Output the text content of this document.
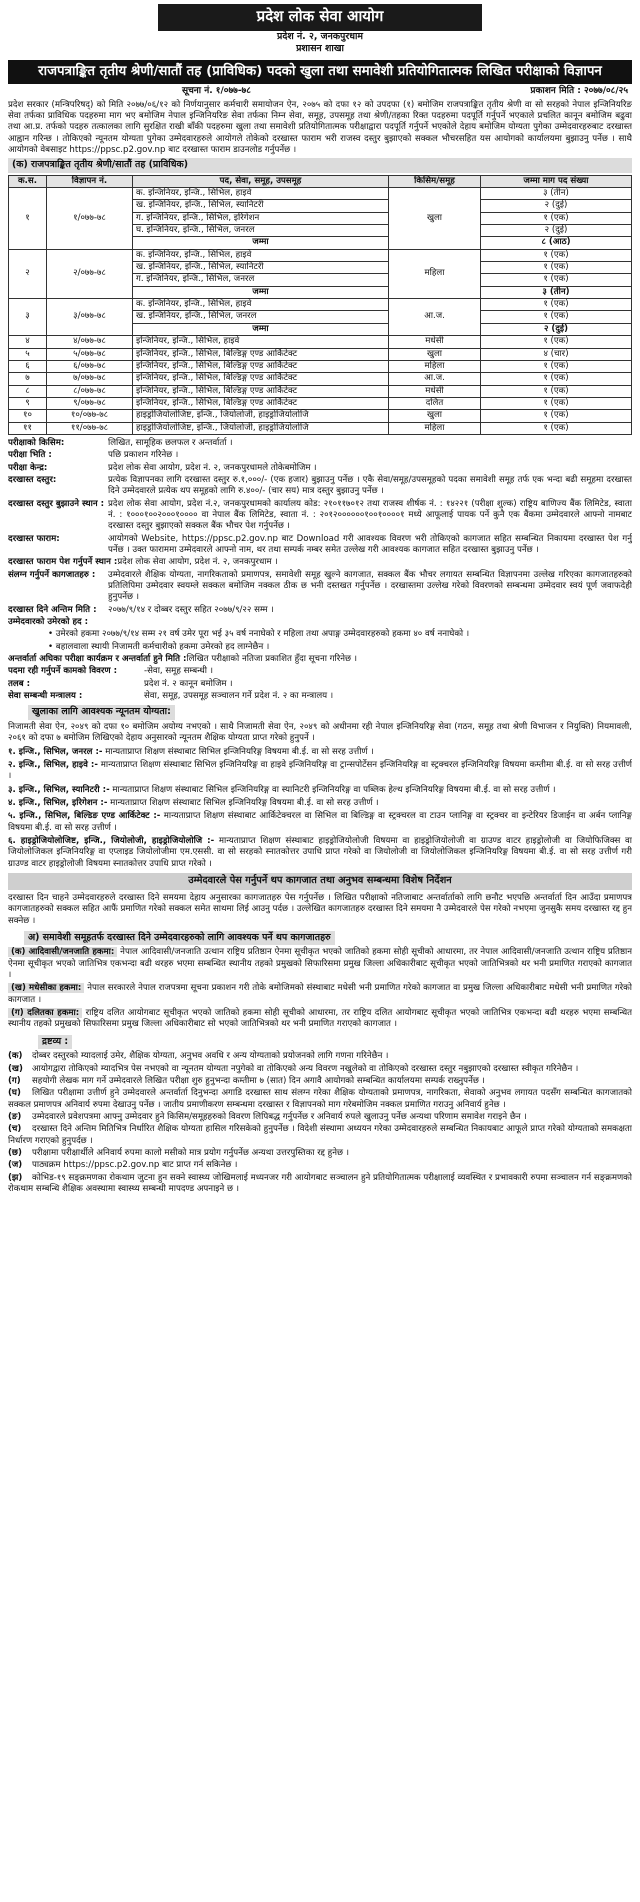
प्रदेश लोक सेवा आयोग
प्रदेश नं. २, जनकपुरधाम
प्रशासन शाखा
राजपत्राङ्कित तृतीय श्रेणी/सातौं तह (प्राविधिक) पदको खुला तथा समावेशी प्रतियोगितात्मक लिखित परीक्षाको विज्ञापन
सूचना नं. १/०७७-७८	प्रकाशन मिति : २०७७/०८/२५

प्रदेश सरकार (मन्त्रिपरिषद्) को मिति २०७७/०६/१२ को निर्णयानुसार कर्मचारी समायोजन ऐन, २०७५ को दफा १२ को उपदफा (१) बमोजिम राजपत्राङ्कित तृतीय श्रेणी वा सो सरहको नेपाल इन्जिनियरिङ सेवा तर्फका प्राविधिक पदहरुमा माग भए बमोजिम नेपाल इन्जिनियरिङ सेवा तर्फका निम्न सेवा, समूह, उपसमूह तथा श्रेणी/तहका रिक्त पदहरुमा पदपूर्ति गर्नुपर्ने भएकाले प्रचलित कानून बमोजिम बढुवा तथा आ.प्र. तर्फको पदहरु तत्कालका लागि सुरक्षित राखी बाँकी पदहरुमा खुला तथा समावेशी प्रतियोगितात्मक परीक्षाद्वारा पदपूर्ति गर्नुपर्ने भएकोले देहाय बमोजिम योग्यता पुगेका उम्मेदवारहरुबाट दरखास्त आह्वान गरिन्छ । तोकिएको न्यूनतम योग्यता पुगेका उम्मेदवारहरुले आयोगले तोकेको दरखास्त फाराम भरी राजस्व दस्तुर बुझाएको सक्कल भौचरसहित यस आयोगको कार्यालयमा बुझाउनु पर्नेछ । साथै आयोगको वेबसाइट https://ppsc.p2.gov.np बाट दरखास्त फाराम डाउनलोड गर्नुपर्नेछ ।

(क) राजपत्राङ्कित तृतीय श्रेणी/सातौं तह (प्राविधिक)
क.स.	विज्ञापन नं.	पद, सेवा, समूह, उपसमूह	किसिम/समूह	जम्मा माग पद संख्या
१	१/०७७-७८	क. इन्जिनियर, इन्जि., सिभिल, हाइवे	खुला	३ (तीन)
		ख. इन्जिनियर, इन्जि., सिभिल, स्यानिटरी		२ (दुई)
		ग. इन्जिनियर, इन्जि., सिभिल, इरिगेशन		१ (एक)
		घ. इन्जिनियर, इन्जि., सिभिल, जनरल		२ (दुई)
		जम्मा		८ (आठ)
२	२/०७७-७८	क. इन्जिनियर, इन्जि., सिभिल, हाइवे	महिला	१ (एक)
		ख. इन्जिनियर, इन्जि., सिभिल, स्यानिटरी		१ (एक)
		ग. इन्जिनियर, इन्जि., सिभिल, जनरल		१ (एक)
		जम्मा		३ (तीन)
३	३/०७७-७८	क. इन्जिनियर, इन्जि., सिभिल, हाइवे	आ.ज.	१ (एक)
		ख. इन्जिनियर, इन्जि., सिभिल, जनरल		१ (एक)
		जम्मा		२ (दुई)
४	४/०७७-७८	इन्जिनियर, इन्जि., सिभिल, हाइवे	मधेसी	१ (एक)
५	५/०७७-७८	इन्जिनियर, इन्जि., सिभिल, बिल्डिङ्ग एण्ड आर्किटेक्ट	खुला	४ (चार)
६	६/०७७-७८	इन्जिनियर, इन्जि., सिभिल, बिल्डिङ्ग एण्ड आर्किटेक्ट	महिला	१ (एक)
७	७/०७७-७८	इन्जिनियर, इन्जि., सिभिल, बिल्डिङ्ग एण्ड आर्किटेक्ट	आ.ज.	१ (एक)
८	८/०७७-७८	इन्जिनियर, इन्जि., सिभिल, बिल्डिङ्ग एण्ड आर्किटेक्ट	मधेसी	१ (एक)
९	९/०७७-७८	इन्जिनियर, इन्जि., सिभिल, बिल्डिङ्ग एण्ड आर्किटेक्ट	दलित	१ (एक)
१०	१०/०७७-७८	हाइड्रोजियोलोजिष्ट, इन्जि., जियोलोजी, हाइड्रोजियोलोजि	खुला	१ (एक)
११	११/०७७-७८	हाइड्रोजियोलोजिष्ट, इन्जि., जियोलोजी, हाइड्रोजियोलोजि	महिला	१ (एक)
परीक्षाको किसिम:	लिखित, सामूहिक छलफल र अन्तर्वार्ता ।
परीक्षा भिति :	पछि प्रकाशन गरिनेछ ।
परीक्षा केन्द्र:	प्रदेश लोक सेवा आयोग, प्रदेश नं. २, जनकपुरधामले तोकेबमोजिम ।
दरखास्त दस्तुर:	प्रत्येक विज्ञापनका लागि दरखास्त दस्तुर रु.१,०००/- (एक हजार) बुझाउनु पर्नेछ । एकै सेवा/समूह/उपसमूहको पदका समावेशी समूह तर्फ एक भन्दा बढी समूहमा दरखास्त दिने उम्मेदवारले प्रत्येक थप समूहको लागि रु.४००/- (चार सय) मात्र दस्तुर बुझाउनु पर्नेछ ।
दरखास्त दस्तुर बुझाउने स्थान : प्रदेश लोक सेवा आयोग, प्रदेश नं.२, जनकपुरधामको कार्यालय कोड: २१०११७०१२ तथा राजस्व शीर्षक नं. : १४२२१ (परीक्षा शुल्क) राष्ट्रिय बाणिज्य बैंक लिमिटेड, स्वाता नं. : १०००१००२०००१०००० वा नेपाल बैंक लिमिटेड, स्वाता नं. : २०१२००००००१००१००००१ मध्ये आफूलाई पायक पर्ने कुनै एक बैंकमा उम्मेदवारले आफ्नो नामबाट दरखास्त दस्तुर बुझाएको सक्कल बैंक भौचर पेश गर्नुपर्नेछ ।
दरखास्त फाराम:	आयोगको Website, https://ppsc.p2.gov.np बाट Download गरी आवश्यक विवरण भरी तोकिएको कागजात सहित सम्बन्धित निकायमा दरखास्त पेश गर्नु पर्नेछ । उक्त फाराममा उम्मेदवारले आफ्नो नाम, थर तथा सम्पर्क नम्बर समेत उल्लेख गरी आवश्यक कागजात सहित दरखास्त बुझाउनु पर्नेछ ।
दरखास्त फाराम पेश गर्नुपर्ने स्थान : प्रदेश लोक सेवा आयोग, प्रदेश नं. २, जनकपुरधाम ।
संलग्न गर्नुपर्ने कागजातहरु :	उम्मेदवारले शैक्षिक योग्यता, नागरिकताको प्रमाणपत्र, समावेशी समूह खुल्ने कागजात, सक्कल बैंक भौचर लगायत सम्बन्धित विज्ञापनमा उल्लेख गरिएका कागजातहरुको प्रतिलिपिमा उम्मेदवार स्वयम्ले सक्कल बमोजिम नक्कल ठीक छ भनी दस्तखत गर्नुपर्नेछ । दरखास्तमा उल्लेख गरेको विवरणको सम्बन्धमा उम्मेदवार स्वयं पूर्ण जवाफदेही हुनुपर्नेछ ।
दरखास्त दिने अन्तिम मिति :	२०७७/९/१४ र दोब्बर दस्तुर सहित २०७७/९/२२ सम्म ।
उम्मेदवारको उमेरको हद :
• उमेरको हकमा २०७७/९/१४ सम्म २१ वर्ष उमेर पूरा भई ३५ वर्ष ननाघेको र महिला तथा अपाङ्ग उम्मेदवारहरुको हकमा ४० वर्ष ननाघेको ।
• बहालवाला स्थायी निजामती कर्मचारीको हकमा उमेरको हद लाग्नेछैन ।
अन्तर्वार्ता अघिका परीक्षा कार्यक्रम र अन्तर्वार्ता हुने मिति : लिखित परीक्षाको नतिजा प्रकाशित हुँदा सूचना गरिनेछ ।
पदमा रही गर्नुपर्ने कामको विवरण :	-सेवा, समूह सम्बन्धी ।
तलब :	प्रदेश नं. २ कानून बमोजिम ।
सेवा सम्बन्धी मन्त्रालय :	सेवा, समूह, उपसमूह सञ्चालन गर्ने प्रदेश नं. २ का मन्त्रालय ।
खुलाका लागि आवश्यक न्यूनतम योग्यता:

निजामती सेवा ऐन, २०४९ को दफा १० बमोजिम अयोग्य नभएको । साथै निजामती सेवा ऐन, २०४९ को अधीनमा रही नेपाल इन्जिनियरिङ्ग सेवा (गठन, समूह तथा श्रेणी विभाजन र नियुक्ति) नियमावली, २०६१ को दफा ७ बमोजिम लिखिएको देहाय अनुसारको न्यूनतम शैक्षिक योग्यता प्राप्त गरेको हुनुपर्ने ।

१. इन्जि., सिभिल, जनरल :- मान्यताप्राप्त शिक्षण संस्थाबाट सिभिल इन्जिनियरिङ्ग विषयमा बी.ई. वा सो सरह उत्तीर्ण ।

२. इन्जि., सिभिल, हाइवे :- मान्यताप्राप्त शिक्षण संस्थाबाट सिभिल इन्जिनियरिङ्ग वा हाइवे इन्जिनियरिङ्ग वा ट्रान्सपोर्टेसन इन्जिनियरिङ्ग वा स्ट्रक्चरल इन्जिनियरिङ्ग विषयमा कम्तीमा बी.ई. वा सो सरह उत्तीर्ण ।

३. इन्जि., सिभिल, स्यानिटरी :- मान्यताप्राप्त शिक्षण संस्थाबाट सिभिल इन्जिनियरिङ्ग वा स्यानिटरी इन्जिनियरिङ्ग वा पब्लिक हेल्थ इन्जिनियरिङ्ग विषयमा बी.ई. वा सो सरह उत्तीर्ण ।

४. इन्जि., सिभिल, इरिगेशन :- मान्यताप्राप्त शिक्षण संस्थाबाट सिभिल इन्जिनियरिङ्ग विषयमा बी.ई. वा सो सरह उत्तीर्ण ।

५. इन्जि., सिभिल, बिल्डिङ एण्ड आर्किटेक्ट :- मान्यताप्राप्त शिक्षण संस्थाबाट आर्किटेक्चरल वा सिभिल वा बिल्डिङ्ग वा स्ट्रक्चरल वा टाउन प्लानिङ्ग वा स्ट्रक्चर वा इन्टेरियर डिजाईन वा अर्बन प्लानिङ्ग विषयमा बी.ई. वा सो सरह उत्तीर्ण ।

६. हाइड्रोजियोलोजिष्ट, इन्जि., जियोलोजी, हाइड्रोजियोलोजि :- मान्यताप्राप्त शिक्षण संस्थाबाट हाइड्रोजियोलोजी विषयमा वा हाइड्रोजियोलोजी वा ग्राउण्ड वाटर हाइड्रोलोजी वा जियोफिजिक्स वा जियोलोजिकल इन्जिनियरिङ्ग वा एप्लाइड जियोलोजीमा एम.एससी. वा सो सरहको स्नातकोत्तर उपाधि प्राप्त गरेको वा जियोलोजी वा जियोलोजिकल इन्जिनियरिङ्ग विषयमा बी.ई. वा सो सरह उत्तीर्ण गरी ग्राउण्ड वाटर हाइड्रोलोजी विषयमा स्नातकोत्तर उपाधि प्राप्त गरेको ।

उम्मेदवारले पेस गर्नुपर्ने थप कागजात तथा अनुभव सम्बन्धमा विशेष निर्देशन

दरखास्त दिन चाहने उम्मेदवारहरुले दरखास्त दिने समयमा देहाय अनुसारका कागजातहरु पेस गर्नुपर्नेछ । लिखित परीक्षाको नतिजाबाट अन्तर्वार्ताको लागि छनौट भएपछि अन्तर्वार्ता दिन आउँदा प्रमाणपत्र कागजातहरुको सक्कल सहित आफैं प्रमाणित गरेको सक्कल समेत साथमा लिई आउनु पर्दछ । उल्लेखित कागजातहरु दरखास्त दिने समयमा नै उम्मेदवारले पेस गरेको नभएमा जुनसुकै समय दरखास्त रद्द हुन सक्नेछ ।

अ) समावेशी समूहतर्फ दरखास्त दिने उम्मेदवारहरुको लागि आवश्यक पर्ने थप कागजातहरु

(क) आदिवासी/जनजाति हकमा: नेपाल आदिवासी/जनजाति उत्थान राष्ट्रिय प्रतिष्ठान ऐनमा सूचीकृत भएको जातिको हकमा सोही सूचीको आधारमा, तर नेपाल आदिवासी/जनजाति उत्थान राष्ट्रिय प्रतिष्ठान ऐनमा सूचीकृत भएको जातिभित्र एकभन्दा बढी थरहरु भएमा सम्बन्धित स्थानीय तहको प्रमुखको सिफारिसमा प्रमुख जिल्ला अधिकारीबाट सूचीकृत भएको जातिभित्रको थर भनी प्रमाणित गराएको कागजात ।

(ख) मधेसीका हकमा: नेपाल सरकारले नेपाल राजपत्रमा सूचना प्रकाशन गरी तोके बमोजिमको संस्थाबाट मधेसी भनी प्रमाणित गरेको कागजात वा प्रमुख जिल्ला अधिकारीबाट मधेसी भनी प्रमाणित गरेको कागजात ।

(ग) दलितका हकमा: राष्ट्रिय दलित आयोगबाट सूचीकृत भएको जातिको हकमा सोही सूचीको आधारमा, तर राष्ट्रिय दलित आयोगबाट सूचीकृत भएको जातिभित्र एकभन्दा बढी थरहरु भएमा सम्बन्धित स्थानीय तहको प्रमुखको सिफारिसमा प्रमुख जिल्ला अधिकारीबाट सो भएको जातिभित्रको थर भनी प्रमाणित गराएको कागजात ।

द्रष्टव्य :

(क) दोब्बर दस्तुरको म्यादलाई उमेर, शैक्षिक योग्यता, अनुभव अवधि र अन्य योग्यताको प्रयोजनको लागि गणना गरिनेछैन ।

(ख) आयोगद्वारा तोकिएको म्यादभित्र पेस नभएको वा न्यूनतम योग्यता नपुगेको वा तोकिएको अन्य विवरण नखुलेको वा तोकिएको दरखास्त दस्तुर नबुझाएको दरखास्त स्वीकृत गरिनेछैन ।

(ग) सहयोगी लेखक माग गर्ने उम्मेदवारले लिखित परीक्षा शुरु हुनुभन्दा कम्तीमा ७ (सात) दिन अगावै आयोगको सम्बन्धित कार्यालयमा सम्पर्क राख्नुपर्नेछ ।

(घ) लिखित परीक्षामा उत्तीर्ण हुने उम्मेदवारले अन्तर्वार्ता दिनुभन्दा अगाडि दरखास्त साथ संलग्न गरेका शैक्षिक योग्यताको प्रमाणपत्र, नागरिकता, सेवाको अनुभव लगायत पदसँग सम्बन्धित कागजातको सक्कल प्रमाणपत्र अनिवार्य रुपमा देखाउनु पर्नेछ । जातीय प्रमाणीकरण सम्बन्धमा दरखास्त र विज्ञापनको माग गरेबमोजिम नक्कल प्रमाणित गराउनु अनिवार्य हुनेछ ।

(ङ) उम्मेदवारले प्रवेशपत्रमा आफ्नु उम्मेदवार हुने किसिम/समूहहरुको विवरण लिपिबद्ध गर्नुपर्नेछ र अनिवार्य रुपले खुलाउनु पर्नेछ अन्यथा परिणाम समावेश गराइने छैन ।

(च) दरखास्त दिने अन्तिम मितिभित्र निर्धारित शैक्षिक योग्यता हासिल गरिसकेको हुनुपर्नेछ । विदेशी संस्थामा अध्ययन गरेका उम्मेदवारहरुले सम्बन्धित निकायबाट आफूले प्राप्त गरेको योग्यताको समकक्षता निर्धारण गराएको हुनुपर्दछ ।

(छ) परीक्षामा परीक्षार्थीले अनिवार्य रुपमा कालो मसीको मात्र प्रयोग गर्नुपर्नेछ अन्यथा उत्तरपुस्तिका रद्द हुनेछ ।

(ज) पाठ्यक्रम https://ppsc.p2.gov.np बाट प्राप्त गर्न सकिनेछ ।

(झ) कोभिड-१९ सङ्क्रमणका रोकथाम जुटना हुन सक्ने स्वास्थ्य जोखिमलाई मध्यनजर गरी आयोगबाट सञ्चालन हुने प्रतियोगितात्मक परीक्षालाई व्यवस्थित र प्रभावकारी रुपमा सञ्चालन गर्न सङ्क्रमणको रोकथाम सम्बन्धि शैक्षिक अवस्थामा स्वास्थ्य सम्बन्धी मापदण्ड अपनाइने छ ।
